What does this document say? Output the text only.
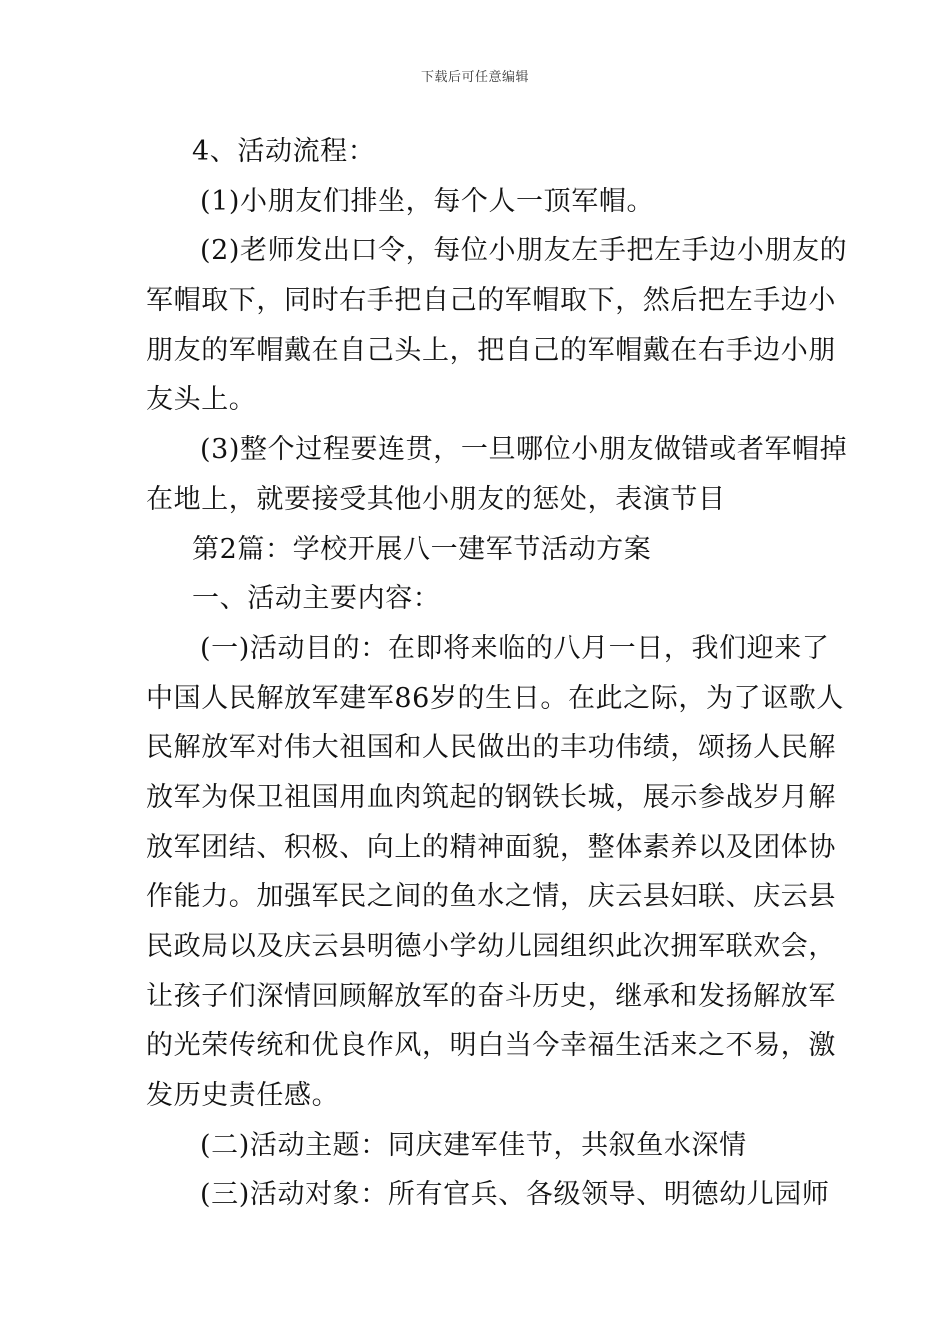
下载后可任意编辑
4、活动流程：
(1)小朋友们排坐，每个人一顶军帽。
(2)老师发出口令，每位小朋友左手把左手边小朋友的
军帽取下，同时右手把自己的军帽取下，然后把左手边小
朋友的军帽戴在自己头上，把自己的军帽戴在右手边小朋
友头上。
(3)整个过程要连贯，一旦哪位小朋友做错或者军帽掉
在地上，就要接受其他小朋友的惩处，表演节目
第2篇：学校开展八一建军节活动方案
一、活动主要内容：
(一)活动目的：在即将来临的八月一日，我们迎来了
中国人民解放军建军86岁的生日。在此之际，为了讴歌人
民解放军对伟大祖国和人民做出的丰功伟绩，颂扬人民解
放军为保卫祖国用血肉筑起的钢铁长城，展示参战岁月解
放军团结、积极、向上的精神面貌，整体素养以及团体协
作能力。加强军民之间的鱼水之情，庆云县妇联、庆云县
民政局以及庆云县明德小学幼儿园组织此次拥军联欢会，
让孩子们深情回顾解放军的奋斗历史，继承和发扬解放军
的光荣传统和优良作风，明白当今幸福生活来之不易，激
发历史责任感。
(二)活动主题：同庆建军佳节，共叙鱼水深情
(三)活动对象：所有官兵、各级领导、明德幼儿园师
